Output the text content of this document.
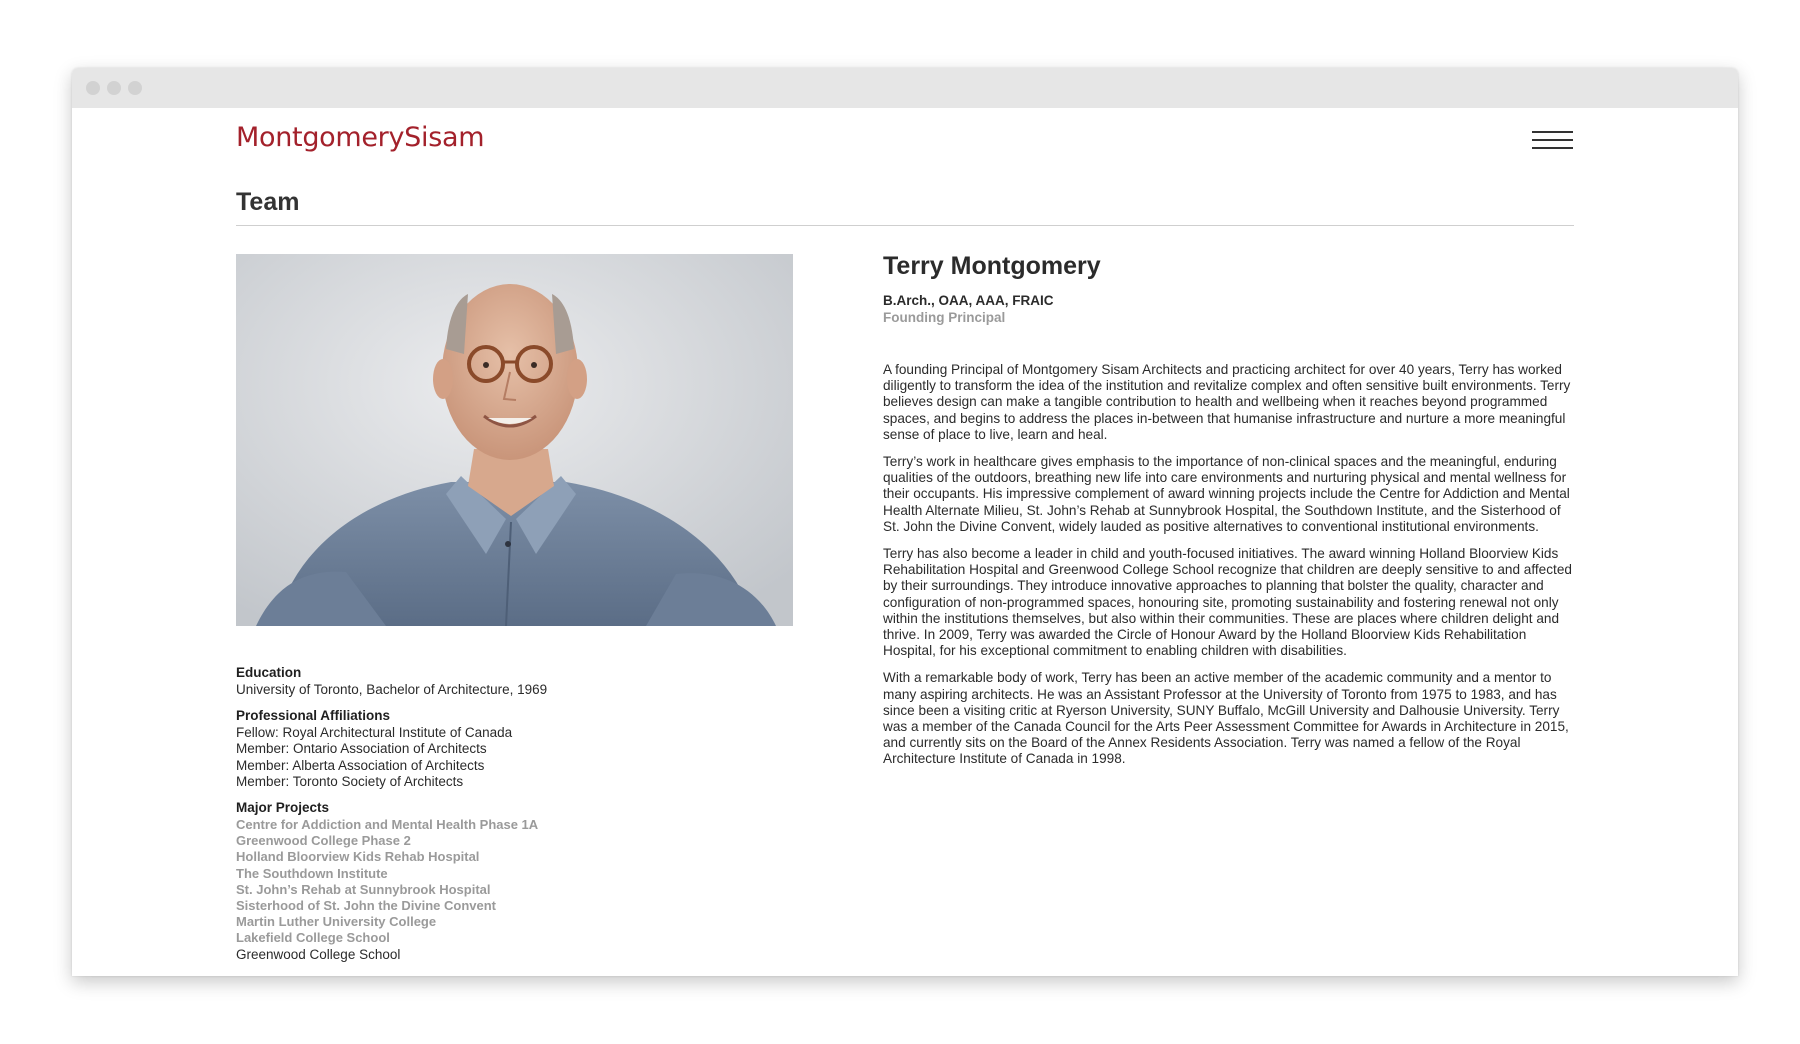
MontgomerySisam
Team
Education
University of Toronto, Bachelor of Architecture, 1969
Professional Affiliations
Fellow: Royal Architectural Institute of Canada
Member: Ontario Association of Architects
Member: Alberta Association of Architects
Member: Toronto Society of Architects
Major Projects
Centre for Addiction and Mental Health Phase 1A
Greenwood College Phase 2
Holland Bloorview Kids Rehab Hospital
The Southdown Institute
St. John’s Rehab at Sunnybrook Hospital
Sisterhood of St. John the Divine Convent
Martin Luther University College
Lakefield College School
Greenwood College School
Terry Montgomery
B.Arch., OAA, AAA, FRAIC
Founding Principal

A founding Principal of Montgomery Sisam Architects and practicing architect for over 40 years, Terry has worked diligently to transform the idea of the institution and revitalize complex and often sensitive built environments. Terry believes design can make a tangible contribution to health and wellbeing when it reaches beyond programmed spaces, and begins to address the places in-between that humanise infrastructure and nurture a more meaningful sense of place to live, learn and heal.

Terry’s work in healthcare gives emphasis to the importance of non-clinical spaces and the meaningful, enduring qualities of the outdoors, breathing new life into care environments and nurturing physical and mental wellness for their occupants. His impressive complement of award winning projects include the Centre for Addiction and Mental Health Alternate Milieu, St. John’s Rehab at Sunnybrook Hospital, the Southdown Institute, and the Sisterhood of St. John the Divine Convent, widely lauded as positive alternatives to conventional institutional environments.

Terry has also become a leader in child and youth-focused initiatives. The award winning Holland Bloorview Kids Rehabilitation Hospital and Greenwood College School recognize that children are deeply sensitive to and affected by their surroundings. They introduce innovative approaches to planning that bolster the quality, character and configuration of non-programmed spaces, honouring site, promoting sustainability and fostering renewal not only within the institutions themselves, but also within their communities. These are places where children delight and thrive. In 2009, Terry was awarded the Circle of Honour Award by the Holland Bloorview Kids Rehabilitation Hospital, for his exceptional commitment to enabling children with disabilities.

With a remarkable body of work, Terry has been an active member of the academic community and a mentor to many aspiring architects. He was an Assistant Professor at the University of Toronto from 1975 to 1983, and has since been a visiting critic at Ryerson University, SUNY Buffalo, McGill University and Dalhousie University. Terry was a member of the Canada Council for the Arts Peer Assessment Committee for Awards in Architecture in 2015, and currently sits on the Board of the Annex Residents Association. Terry was named a fellow of the Royal Architecture Institute of Canada in 1998.
